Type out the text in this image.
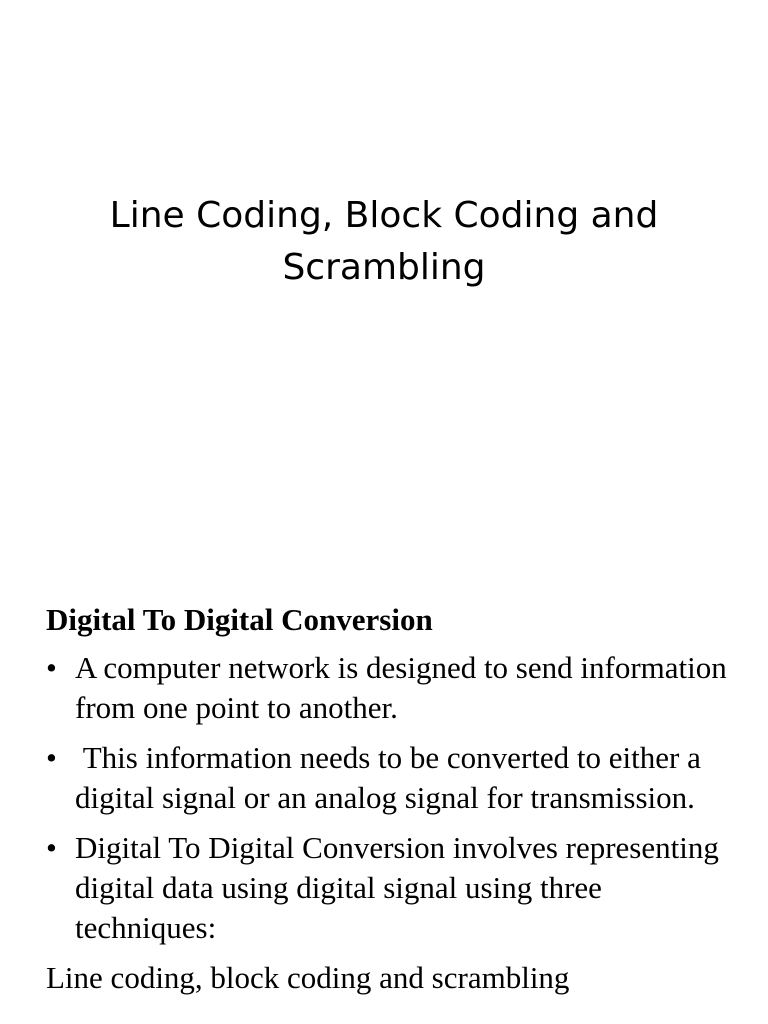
Line Coding, Block Coding and Scrambling

Digital To Digital Conversion

• A computer network is designed to send information from one point to another.
• This information needs to be converted to either a digital signal or an analog signal for transmission.
• Digital To Digital Conversion involves representing digital data using digital signal using three techniques:

Line coding, block coding and scrambling
